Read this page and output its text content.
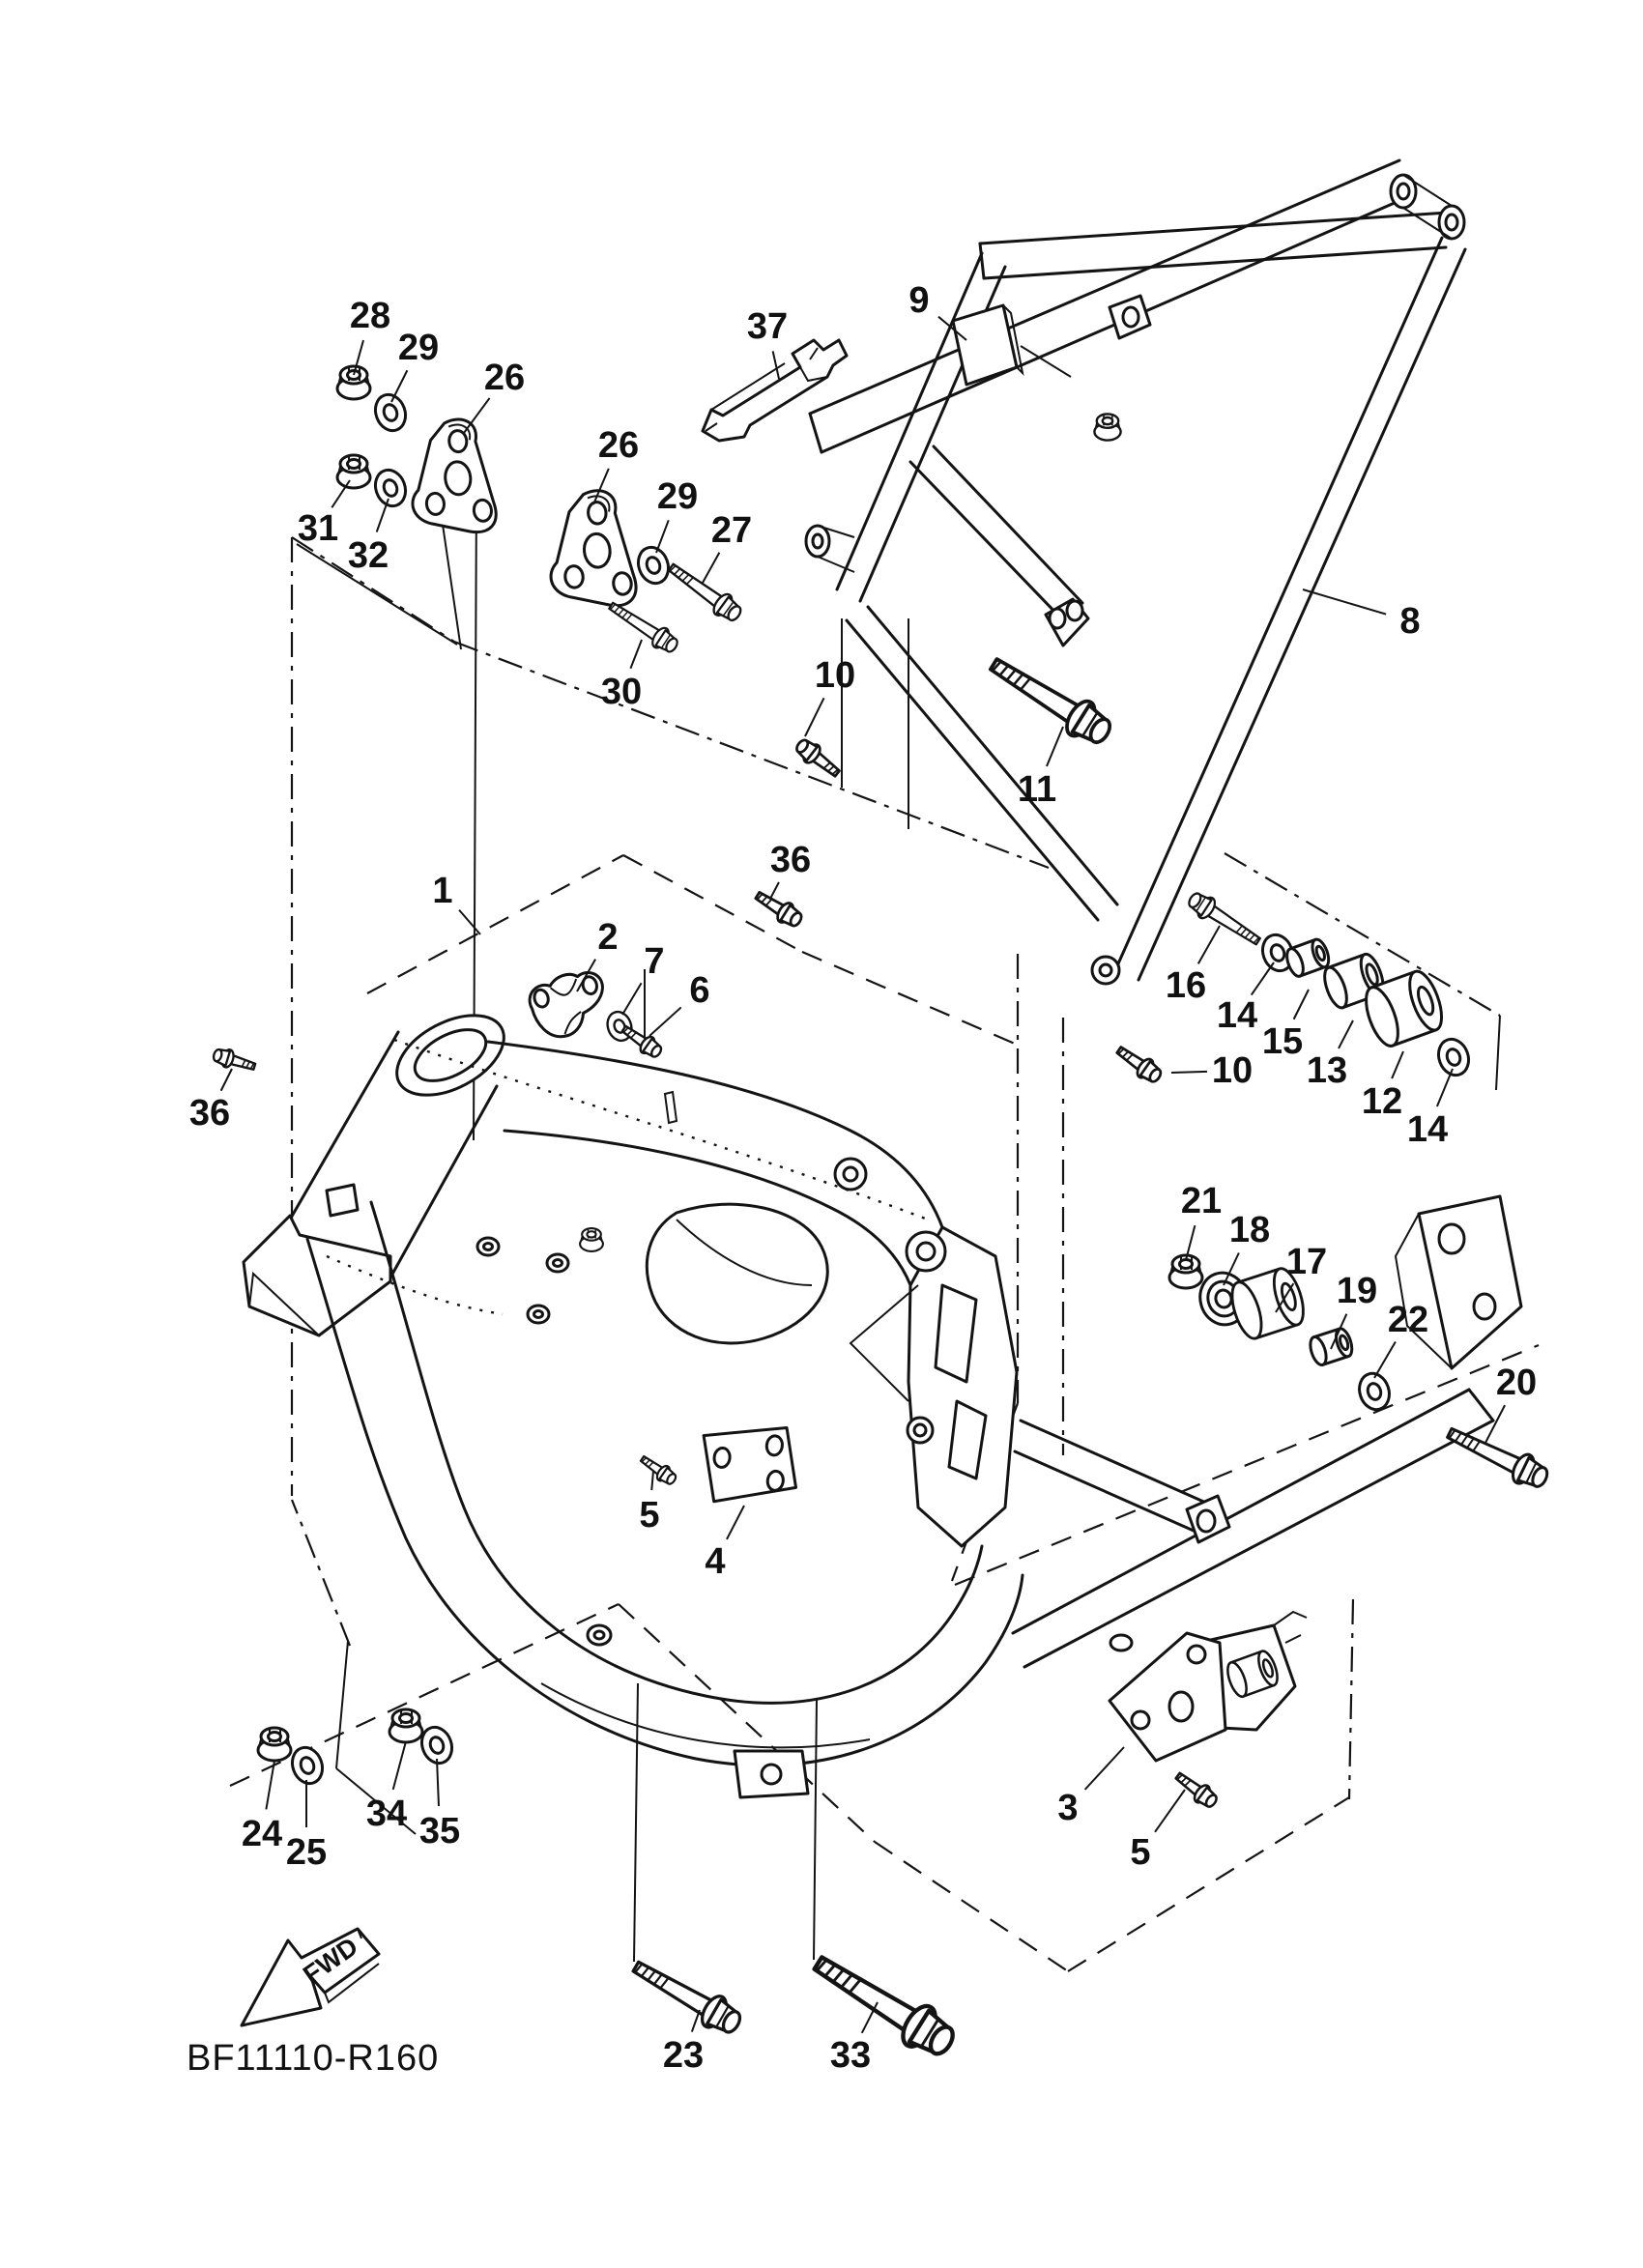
FWD
BF11110-R160
28
29
26
31
32
26
29
27
30
37
9
8
10
11
36
36
1
2
7
6	16
14
15
13
12
14
10
21
18
17
19
22
20
5
4
3
5
24 25
34 35
23	33
